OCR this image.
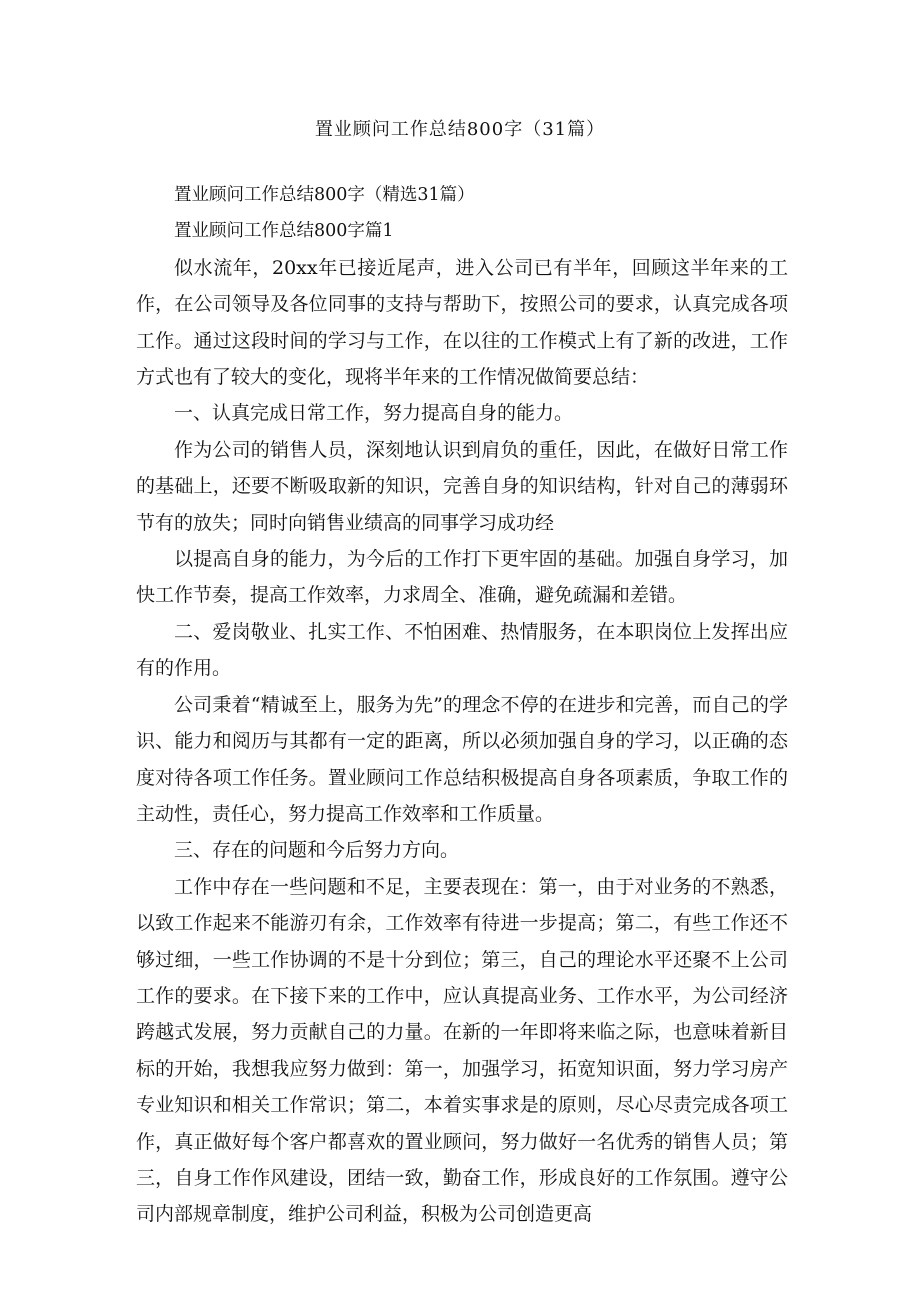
置业顾问工作总结800字（31篇）

置业顾问工作总结800字（精选31篇）

置业顾问工作总结800字篇1

似水流年，20xx年已接近尾声，进入公司已有半年，回顾这半年来的工作，在公司领导及各位同事的支持与帮助下，按照公司的要求，认真完成各项工作。通过这段时间的学习与工作，在以往的工作模式上有了新的改进，工作方式也有了较大的变化，现将半年来的工作情况做简要总结：

一、认真完成日常工作，努力提高自身的能力。

作为公司的销售人员，深刻地认识到肩负的重任，因此，在做好日常工作的基础上，还要不断吸取新的知识，完善自身的知识结构，针对自己的薄弱环节有的放失；同时向销售业绩高的同事学习成功经

以提高自身的能力，为今后的工作打下更牢固的基础。加强自身学习，加快工作节奏，提高工作效率，力求周全、准确，避免疏漏和差错。

二、爱岗敬业、扎实工作、不怕困难、热情服务，在本职岗位上发挥出应有的作用。

公司秉着“精诚至上，服务为先”的理念不停的在进步和完善，而自己的学识、能力和阅历与其都有一定的距离，所以必须加强自身的学习，以正确的态度对待各项工作任务。置业顾问工作总结积极提高自身各项素质，争取工作的主动性，责任心，努力提高工作效率和工作质量。

三、存在的问题和今后努力方向。

工作中存在一些问题和不足，主要表现在：第一，由于对业务的不熟悉，以致工作起来不能游刃有余，工作效率有待进一步提高；第二，有些工作还不够过细，一些工作协调的不是十分到位；第三，自己的理论水平还聚不上公司工作的要求。在下接下来的工作中，应认真提高业务、工作水平，为公司经济跨越式发展，努力贡献自己的力量。在新的一年即将来临之际，也意味着新目标的开始，我想我应努力做到：第一，加强学习，拓宽知识面，努力学习房产专业知识和相关工作常识；第二，本着实事求是的原则，尽心尽责完成各项工作，真正做好每个客户都喜欢的置业顾问，努力做好一名优秀的销售人员；第三，自身工作作风建设，团结一致，勤奋工作，形成良好的工作氛围。遵守公司内部规章制度，维护公司利益，积极为公司创造更高
